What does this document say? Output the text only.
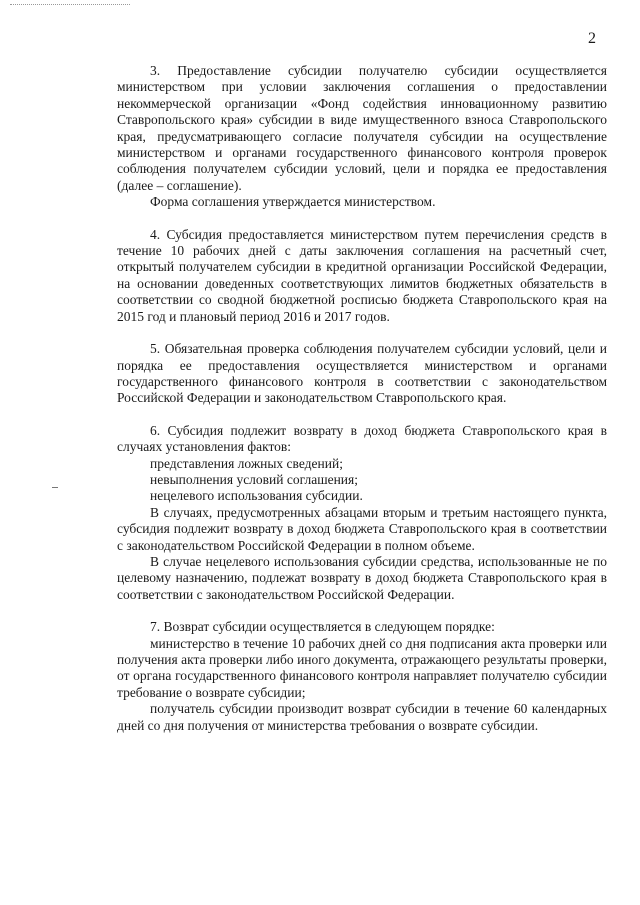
2

3. Предоставление субсидии получателю субсидии осуществляется министерством при условии заключения соглашения о предоставлении некоммерческой организации «Фонд содействия инновационному развитию Ставропольского края» субсидии в виде имущественного взноса Ставропольского края, предусматривающего согласие получателя субсидии на осуществление министерством и органами государственного финансового контроля проверок соблюдения получателем субсидии условий, цели и порядка ее предоставления (далее – соглашение).

Форма соглашения утверждается министерством.

4. Субсидия предоставляется министерством путем перечисления средств в течение 10 рабочих дней с даты заключения соглашения на расчетный счет, открытый получателем субсидии в кредитной организации Российской Федерации, на основании доведенных соответствующих лимитов бюджетных обязательств в соответствии со сводной бюджетной росписью бюджета Ставропольского края на 2015 год и плановый период 2016 и 2017 годов.

5. Обязательная проверка соблюдения получателем субсидии условий, цели и порядка ее предоставления осуществляется министерством и органами государственного финансового контроля в соответствии с законодательством Российской Федерации и законодательством Ставропольского края.

6. Субсидия подлежит возврату в доход бюджета Ставропольского края в случаях установления фактов:

представления ложных сведений;

невыполнения условий соглашения;

нецелевого использования субсидии.

В случаях, предусмотренных абзацами вторым и третьим настоящего пункта, субсидия подлежит возврату в доход бюджета Ставропольского края в соответствии с законодательством Российской Федерации в полном объеме.

В случае нецелевого использования субсидии средства, использованные не по целевому назначению, подлежат возврату в доход бюджета Ставропольского края в соответствии с законодательством Российской Федерации.

7. Возврат субсидии осуществляется в следующем порядке:

министерство в течение 10 рабочих дней со дня подписания акта проверки или получения акта проверки либо иного документа, отражающего результаты проверки, от органа государственного финансового контроля направляет получателю субсидии требование о возврате субсидии;

получатель субсидии производит возврат субсидии в течение 60 календарных дней со дня получения от министерства требования о возврате субсидии.
